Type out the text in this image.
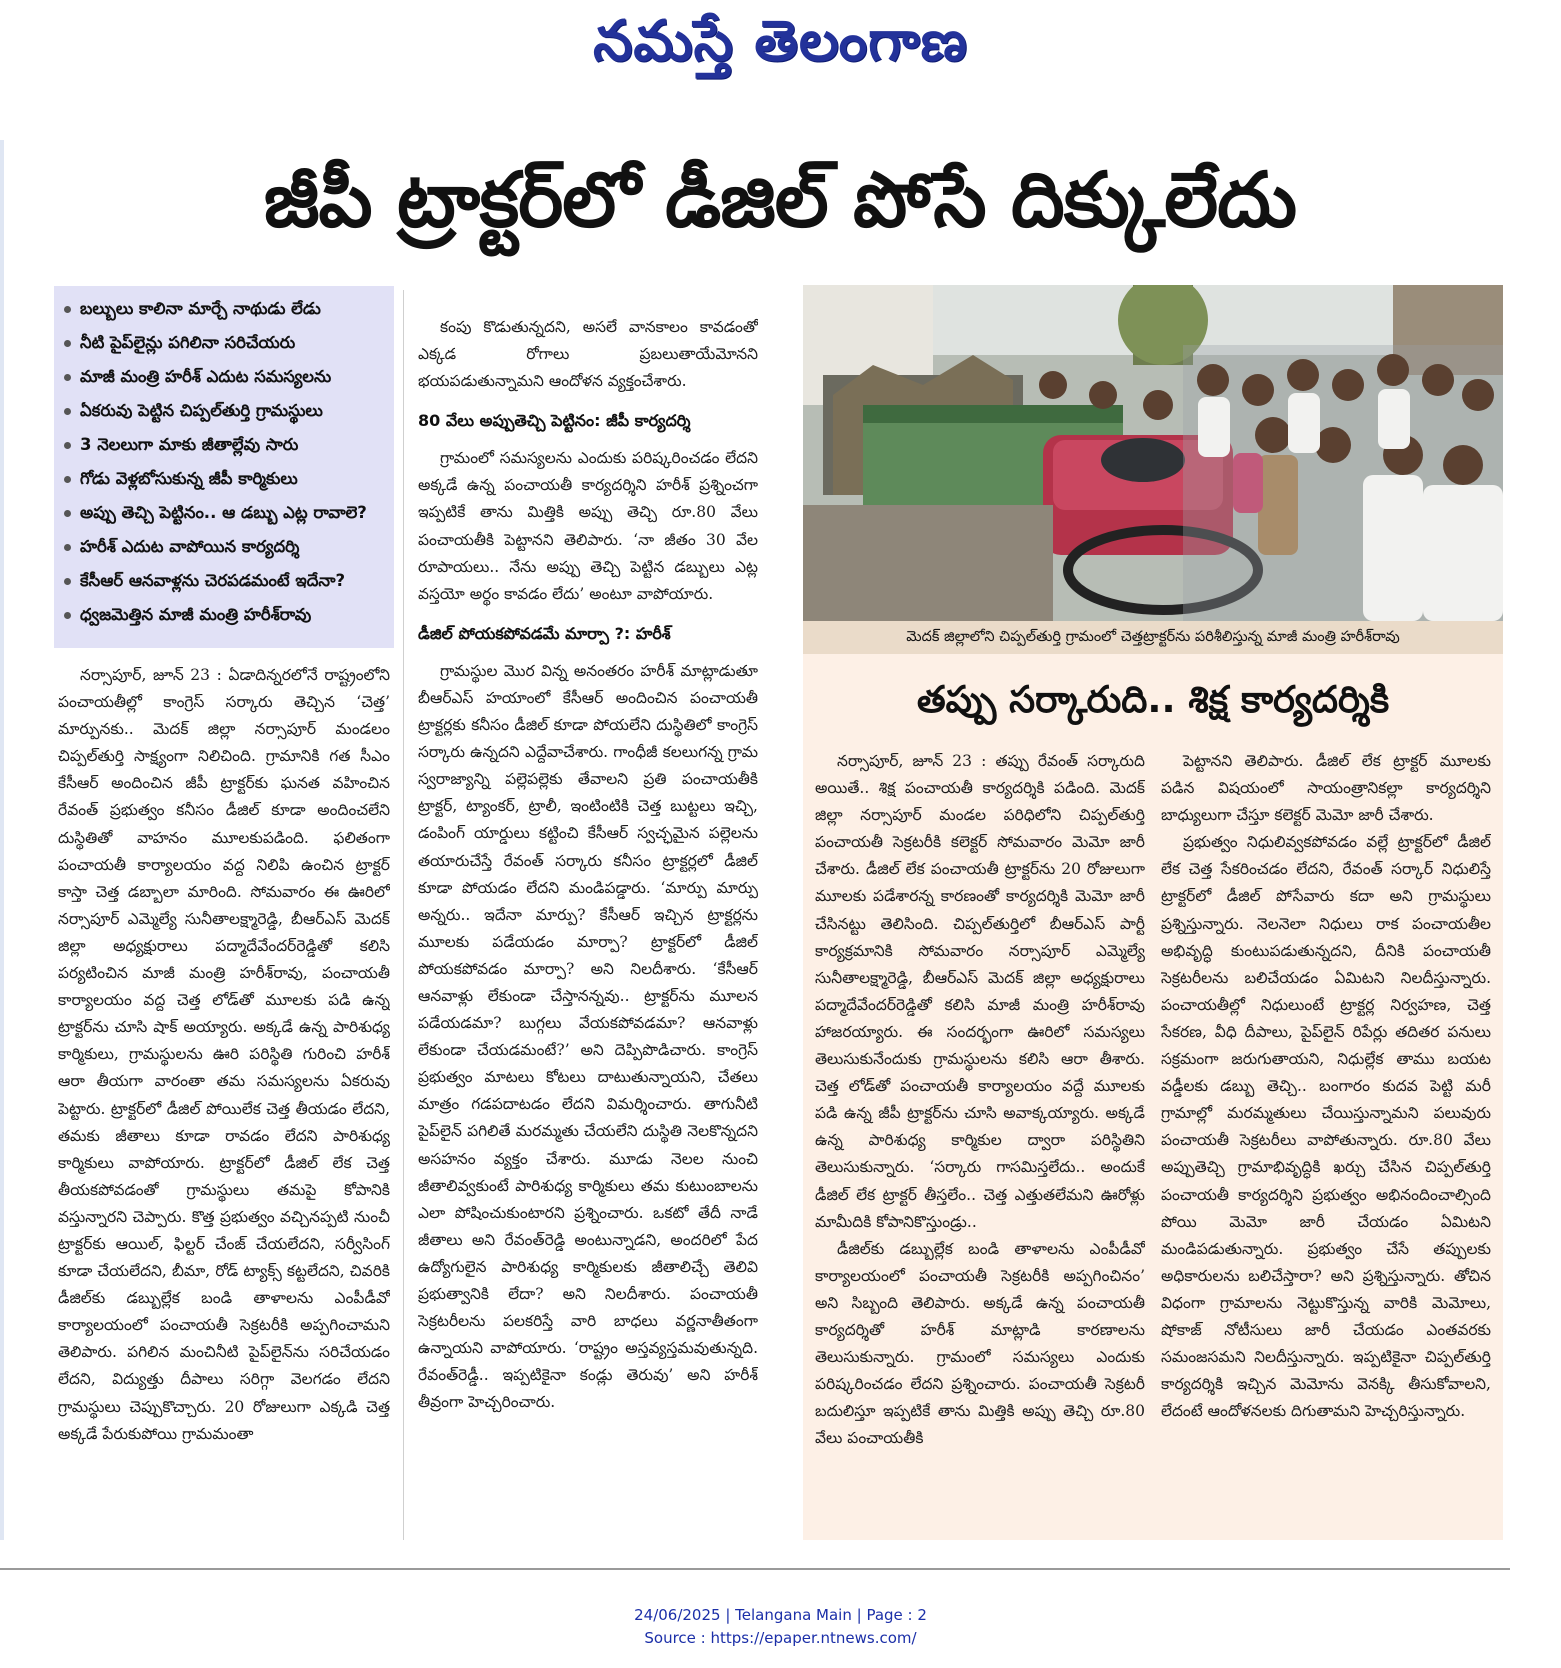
నమస్తే తెలంగాణ
జీపీ ట్రాక్టర్‌లో డీజిల్ పోసే దిక్కులేదు
బల్బులు కాలినా మార్చే నాథుడు లేడు
నీటి పైప్‌లైన్లు పగిలినా సరిచేయరు
మాజీ మంత్రి హరీశ్ ఎదుట సమస్యలను
ఏకరువు పెట్టిన చిప్పల్‌తుర్తి గ్రామస్థులు
3 నెలలుగా మాకు జీతాల్లేవు సారు
గోడు వెళ్లబోసుకున్న జీపీ కార్మికులు
అప్పు తెచ్చి పెట్టినం.. ఆ డబ్బు ఎట్ల రావాలె?
హరీశ్ ఎదుట వాపోయిన కార్యదర్శి
కేసీఆర్ ఆనవాళ్లను చెరపడమంటే ఇదేనా?
ధ్వజమెత్తిన మాజీ మంత్రి హరీశ్‌రావు

నర్సాపూర్, జూన్ 23 : ఏడాదిన్నరలోనే రాష్ట్రంలోని పంచాయతీల్లో కాంగ్రెస్ సర్కారు తెచ్చిన ‘చెత్త’ మార్పునకు.. మెదక్ జిల్లా నర్సాపూర్ మండలం చిప్పల్‌తుర్తి సాక్ష్యంగా నిలిచింది. గ్రామానికి గత సీఎం కేసీఆర్ అందించిన జీపీ ట్రాక్టర్‌కు ఘనత వహించిన రేవంత్ ప్రభుత్వం కనీసం డీజిల్ కూడా అందించలేని దుస్థితితో వాహనం మూలకుపడింది. ఫలితంగా పంచాయతీ కార్యాలయం వద్ద నిలిపి ఉంచిన ట్రాక్టర్ కాస్తా చెత్త డబ్బాలా మారింది. సోమవారం ఈ ఊరిలో నర్సాపూర్ ఎమ్మెల్యే సునీతాలక్ష్మారెడ్డి, బీఆర్‌ఎస్ మెదక్ జిల్లా అధ్యక్షురాలు పద్మాదేవేందర్‌రెడ్డితో కలిసి పర్యటించిన మాజీ మంత్రి హరీశ్‌రావు, పంచాయతీ కార్యాలయం వద్ద చెత్త లోడ్‌తో మూలకు పడి ఉన్న ట్రాక్టర్‌ను చూసి షాక్ అయ్యారు. అక్కడే ఉన్న పారిశుధ్య కార్మికులు, గ్రామస్థులను ఊరి పరిస్థితి గురించి హరీశ్ ఆరా తీయగా వారంతా తమ సమస్యలను ఏకరువు పెట్టారు. ట్రాక్టర్‌లో డీజిల్ పోయిలేక చెత్త తీయడం లేదని, తమకు జీతాలు కూడా రావడం లేదని పారిశుధ్య కార్మికులు వాపోయారు. ట్రాక్టర్‌లో డీజిల్ లేక చెత్త తీయకపోవడంతో గ్రామస్థులు తమపై కోపానికి వస్తున్నారని చెప్పారు. కొత్త ప్రభుత్వం వచ్చినప్పటి నుంచీ ట్రాక్టర్‌కు ఆయిల్, ఫిల్టర్ చేంజ్ చేయలేదని, సర్వీసింగ్ కూడా చేయలేదని, బీమా, రోడ్ ట్యాక్స్ కట్టలేదని, చివరికి డీజిల్‌కు డబ్బుల్లేక బండి తాళాలను ఎంపీడీవో కార్యాలయంలో పంచాయతీ సెక్రటరీకి అప్పగించామని తెలిపారు. పగిలిన మంచినీటి పైప్‌లైన్‌ను సరిచేయడం లేదని, విద్యుత్తు దీపాలు సరిగ్గా వెలగడం లేదని గ్రామస్థులు చెప్పుకొచ్చారు. 20 రోజులుగా ఎక్కడి చెత్త అక్కడే పేరుకుపోయి గ్రామమంతా

కంపు కొడుతున్నదని, అసలే వానకాలం కావడంతో ఎక్కడ రోగాలు ప్రబలుతాయేమోనని భయపడుతున్నామని ఆందోళన వ్యక్తంచేశారు.

80 వేలు అప్పుతెచ్చి పెట్టినం: జీపీ కార్యదర్శి

గ్రామంలో సమస్యలను ఎందుకు పరిష్కరించడం లేదని అక్కడే ఉన్న పంచాయతీ కార్యదర్శిని హరీశ్ ప్రశ్నించగా ఇప్పటికే తాను మిత్తికి అప్పు తెచ్చి రూ.80 వేలు పంచాయతీకి పెట్టానని తెలిపారు. ‘నా జీతం 30 వేల రూపాయలు.. నేను అప్పు తెచ్చి పెట్టిన డబ్బులు ఎట్ల వస్తయో అర్థం కావడం లేదు’ అంటూ వాపోయారు.

డీజిల్ పోయకపోవడమే మార్పా ?: హరీశ్

గ్రామస్థుల మొర విన్న అనంతరం హరీశ్ మాట్లాడుతూ బీఆర్‌ఎస్ హయాంలో కేసీఆర్ అందించిన పంచాయతీ ట్రాక్టర్లకు కనీసం డీజిల్ కూడా పోయలేని దుస్థితిలో కాంగ్రెస్ సర్కారు ఉన్నదని ఎద్దేవాచేశారు. గాంధీజీ కలలుగన్న గ్రామ స్వరాజ్యాన్ని పల్లెపల్లెకు తేవాలని ప్రతి పంచాయతీకి ట్రాక్టర్, ట్యాంకర్, ట్రాలీ, ఇంటింటికి చెత్త బుట్టలు ఇచ్చి, డంపింగ్ యార్డులు కట్టించి కేసీఆర్ స్వచ్ఛమైన పల్లెలను తయారుచేస్తే రేవంత్ సర్కారు కనీసం ట్రాక్టర్లలో డీజిల్ కూడా పోయడం లేదని మండిపడ్డారు. ‘మార్పు మార్పు అన్నరు.. ఇదేనా మార్పు? కేసీఆర్ ఇచ్చిన ట్రాక్టర్లను మూలకు పడేయడం మార్పా? ట్రాక్టర్‌లో డీజిల్ పోయకపోవడం మార్పా? అని నిలదీశారు. ‘కేసీఆర్ ఆనవాళ్లు లేకుండా చేస్తానన్నవు.. ట్రాక్టర్‌ను మూలన పడేయడమా? బుగ్గలు వేయకపోవడమా? ఆనవాళ్లు లేకుండా చేయడమంటే?’ అని దెప్పిపొడిచారు. కాంగ్రెస్ ప్రభుత్వం మాటలు కోటలు దాటుతున్నాయని, చేతలు మాత్రం గడపదాటడం లేదని విమర్శించారు. తాగునీటి పైప్‌లైన్ పగిలితే మరమ్మతు చేయలేని దుస్థితి నెలకొన్నదని అసహనం వ్యక్తం చేశారు. మూడు నెలల నుంచి జీతాలివ్వకుంటే పారిశుధ్య కార్మికులు తమ కుటుంబాలను ఎలా పోషించుకుంటారని ప్రశ్నించారు. ఒకటో తేదీ నాడే జీతాలు అని రేవంత్‌రెడ్డి అంటున్నాడని, అందరిలో పేద ఉద్యోగులైన పారిశుధ్య కార్మికులకు జీతాలిచ్చే తెలివి ప్రభుత్వానికి లేదా? అని నిలదీశారు. పంచాయతీ సెక్రటరీలను పలకరిస్తే వారి బాధలు వర్ణనాతీతంగా ఉన్నాయని వాపోయారు. ‘రాష్ట్రం అస్తవ్యస్తమవుతున్నది. రేవంత్‌రెడ్డీ.. ఇప్పటికైనా కండ్లు తెరువు’ అని హరీశ్ తీవ్రంగా హెచ్చరించారు.

మెదక్ జిల్లాలోని చిప్పల్‌తుర్తి గ్రామంలో చెత్తట్రాక్టర్‌ను పరిశీలిస్తున్న మాజీ మంత్రి హరీశ్‌రావు
తప్పు సర్కారుది.. శిక్ష కార్యదర్శికి

నర్సాపూర్, జూన్ 23 : తప్పు రేవంత్ సర్కారుది అయితే.. శిక్ష పంచాయతీ కార్యదర్శికి పడింది. మెదక్ జిల్లా నర్సాపూర్ మండల పరిధిలోని చిప్పల్‌తుర్తి పంచాయతీ సెక్రటరీకి కలెక్టర్ సోమవారం మెమో జారీ చేశారు. డీజిల్ లేక పంచాయతీ ట్రాక్టర్‌ను 20 రోజులుగా మూలకు పడేశారన్న కారణంతో కార్యదర్శికి మెమో జారీ చేసినట్టు తెలిసింది. చిప్పల్‌తుర్తిలో బీఆర్‌ఎస్ పార్టీ కార్యక్రమానికి సోమవారం నర్సాపూర్ ఎమ్మెల్యే సునీతాలక్ష్మారెడ్డి, బీఆర్‌ఎస్ మెదక్ జిల్లా అధ్యక్షురాలు పద్మాదేవేందర్‌రెడ్డితో కలిసి మాజీ మంత్రి హరీశ్‌రావు హాజరయ్యారు. ఈ సందర్భంగా ఊరిలో సమస్యలు తెలుసుకునేందుకు గ్రామస్థులను కలిసి ఆరా తీశారు. చెత్త లోడ్‌తో పంచాయతీ కార్యాలయం వద్దే మూలకు పడి ఉన్న జీపీ ట్రాక్టర్‌ను చూసి అవాక్కయ్యారు. అక్కడే ఉన్న పారిశుధ్య కార్మికుల ద్వారా పరిస్థితిని తెలుసుకున్నారు. ‘సర్కారు గాసమిస్తలేదు.. అందుకే డీజిల్ లేక ట్రాక్టర్ తీస్తలేం.. చెత్త ఎత్తుతలేమని ఊరోళ్లు మామీదికి కోపానికొస్తుండ్రు..

డీజిల్‌కు డబ్బుల్లేక బండి తాళాలను ఎంపీడీవో కార్యాలయంలో పంచాయతీ సెక్రటరీకి అప్పగించినం’ అని సిబ్బంది తెలిపారు. అక్కడే ఉన్న పంచాయతీ కార్యదర్శితో హరీశ్ మాట్లాడి కారణాలను తెలుసుకున్నారు. గ్రామంలో సమస్యలు ఎందుకు పరిష్కరించడం లేదని ప్రశ్నించారు. పంచాయతీ సెక్రటరీ బదులిస్తూ ఇప్పటికే తాను మిత్తికి అప్పు తెచ్చి రూ.80 వేలు పంచాయతీకి

పెట్టానని తెలిపారు. డీజిల్ లేక ట్రాక్టర్ మూలకు పడిన విషయంలో సాయంత్రానికల్లా కార్యదర్శిని బాధ్యులుగా చేస్తూ కలెక్టర్ మెమో జారీ చేశారు.

ప్రభుత్వం నిధులివ్వకపోవడం వల్లే ట్రాక్టర్‌లో డీజిల్ లేక చెత్త సేకరించడం లేదని, రేవంత్ సర్కార్ నిధులిస్తే ట్రాక్టర్‌లో డీజిల్ పోసేవారు కదా అని గ్రామస్థులు ప్రశ్నిస్తున్నారు. నెలనెలా నిధులు రాక పంచాయతీల అభివృద్ధి కుంటుపడుతున్నదని, దీనికి పంచాయతీ సెక్రటరీలను బలిచేయడం ఏమిటని నిలదీస్తున్నారు. పంచాయతీల్లో నిధులుంటే ట్రాక్టర్ల నిర్వహణ, చెత్త సేకరణ, వీధి దీపాలు, పైప్‌లైన్ రిపేర్లు తదితర పనులు సక్రమంగా జరుగుతాయని, నిధుల్లేక తాము బయట వడ్డీలకు డబ్బు తెచ్చి.. బంగారం కుదవ పెట్టి మరీ గ్రామాల్లో మరమ్మతులు చేయిస్తున్నామని పలువురు పంచాయతీ సెక్రటరీలు వాపోతున్నారు. రూ.80 వేలు అప్పుతెచ్చి గ్రామాభివృద్ధికి ఖర్చు చేసిన చిప్పల్‌తుర్తి పంచాయతీ కార్యదర్శిని ప్రభుత్వం అభినందించాల్సింది పోయి మెమో జారీ చేయడం ఏమిటని మండిపడుతున్నారు. ప్రభుత్వం చేసే తప్పులకు అధికారులను బలిచేస్తారా? అని ప్రశ్నిస్తున్నారు. తోచిన విధంగా గ్రామాలను నెట్టుకొస్తున్న వారికి మెమోలు, షోకాజ్ నోటీసులు జారీ చేయడం ఎంతవరకు సమంజసమని నిలదీస్తున్నారు. ఇప్పటికైనా చిప్పల్‌తుర్తి కార్యదర్శికి ఇచ్చిన మెమోను వెనక్కి తీసుకోవాలని, లేదంటే ఆందోళనలకు దిగుతామని హెచ్చరిస్తున్నారు.

24/06/2025 | Telangana Main | Page : 2
Source : https://epaper.ntnews.com/
